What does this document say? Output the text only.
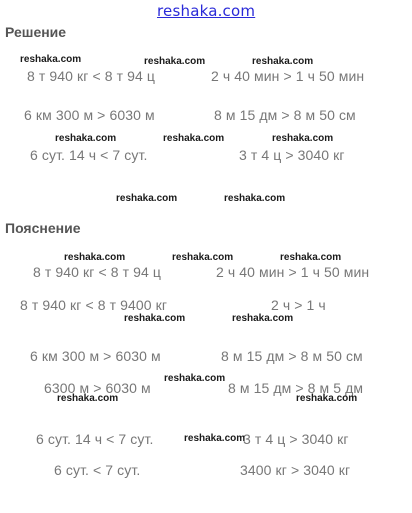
reshaka.com
Решение
8 т 940 кг < 8 т 94 ц	2 ч 40 мин > 1 ч 50 мин
6 км 300 м > 6030 м	8 м 15 дм > 8 м 50 см
6 сут. 14 ч < 7 сут.	3 т 4 ц > 3040 кг
Пояснение
8 т 940 кг < 8 т 94 ц	2 ч 40 мин > 1 ч 50 мин
8 т 940 кг < 8 т 9400 кг	2 ч > 1 ч
6 км 300 м > 6030 м	8 м 15 дм > 8 м 50 см
6300 м > 6030 м	8 м 15 дм > 8 м 5 дм
6 сут. 14 ч < 7 сут.	3 т 4 ц > 3040 кг
6 сут. < 7 сут.	3400 кг > 3040 кг
reshaka.com	reshaka.com	reshaka.com
reshaka.com	reshaka.com	reshaka.com
reshaka.com	reshaka.com
reshaka.com	reshaka.com	reshaka.com
reshaka.com	reshaka.com
reshaka.com
reshaka.com	reshaka.com
reshaka.com
